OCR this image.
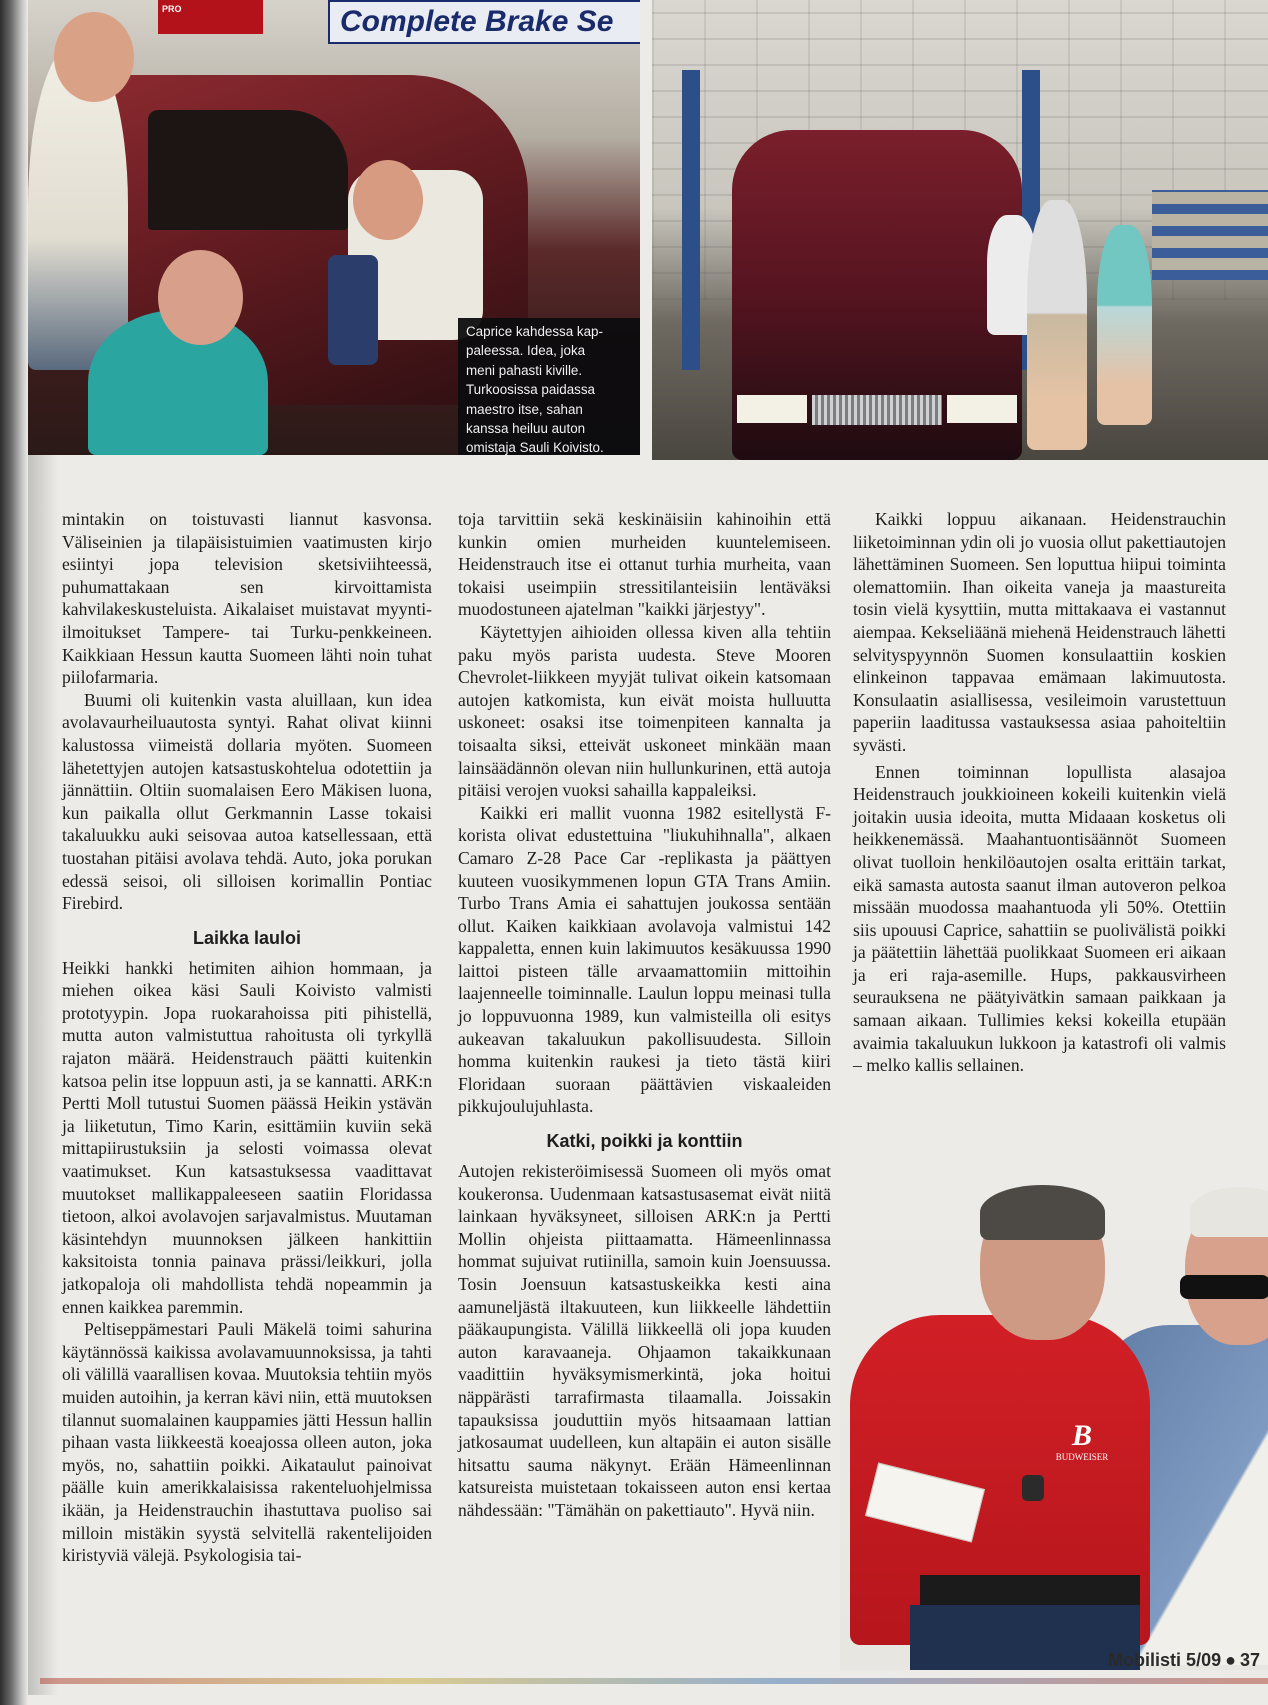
PRO	Complete Brake Se
Caprice kahdessa kap-
paleessa. Idea, joka
meni pahasti kiville.
Turkoosissa paidassa
maestro itse, sahan
kanssa heiluu auton
omistaja Sauli Koivisto.

mintakin on toistuvasti liannut kasvonsa. Väliseinien ja tilapäisistuimien vaatimusten kirjo esiintyi jopa television sketsiviihteessä, puhumattakaan sen kirvoittamista kahvilakeskusteluista. Aikalaiset muistavat myynti-ilmoitukset Tampere- tai Turku-penkkeineen. Kaikkiaan Hessun kautta Suomeen lähti noin tuhat piilofarmaria.

Buumi oli kuitenkin vasta aluillaan, kun idea avolavaurheiluautosta syntyi. Rahat olivat kiinni kalustossa viimeistä dollaria myöten. Suomeen lähetettyjen autojen katsastuskohtelua odotettiin ja jännättiin. Oltiin suomalaisen Eero Mäkisen luona, kun paikalla ollut Gerkmannin Lasse tokaisi takaluukku auki seisovaa autoa katsellessaan, että tuostahan pitäisi avolava tehdä. Auto, joka porukan edessä seisoi, oli silloisen korimallin Pontiac Firebird.

Laikka lauloi

Heikki hankki hetimiten aihion hommaan, ja miehen oikea käsi Sauli Koivisto valmisti prototyypin. Jopa ruokarahoissa piti pihistellä, mutta auton valmistuttua rahoitusta oli tyrkyllä rajaton määrä. Heidenstrauch päätti kuitenkin katsoa pelin itse loppuun asti, ja se kannatti. ARK:n Pertti Moll tutustui Suomen päässä Heikin ystävän ja liiketutun, Timo Karin, esittämiin kuviin sekä mittapiirustuksiin ja selosti voimassa olevat vaatimukset. Kun katsastuksessa vaadittavat muutokset mallikappaleeseen saatiin Floridassa tietoon, alkoi avolavojen sarjavalmistus. Muutaman käsintehdyn muunnoksen jälkeen hankittiin kaksitoista tonnia painava prässi/leikkuri, jolla jatkopaloja oli mahdollista tehdä nopeammin ja ennen kaikkea paremmin.

Peltiseppämestari Pauli Mäkelä toimi sahurina käytännössä kaikissa avolavamuunnoksissa, ja tahti oli välillä vaarallisen kovaa. Muutoksia tehtiin myös muiden autoihin, ja kerran kävi niin, että muutoksen tilannut suomalainen kauppamies jätti Hessun hallin pihaan vasta liikkeestä koeajossa olleen auton, joka myös, no, sahattiin poikki. Aikataulut painoivat päälle kuin amerikkalaisissa rakenteluohjelmissa ikään, ja Heidenstrauchin ihastuttava puoliso sai milloin mistäkin syystä selvitellä rakentelijoiden kiristyviä välejä. Psykologisia tai-

toja tarvittiin sekä keskinäisiin kahinoihin että kunkin omien murheiden kuuntelemiseen. Heidenstrauch itse ei ottanut turhia murheita, vaan tokaisi useimpiin stressitilanteisiin lentäväksi muodostuneen ajatelman "kaikki järjestyy".

Käytettyjen aihioiden ollessa kiven alla tehtiin paku myös parista uudesta. Steve Mooren Chevrolet-liikkeen myyjät tulivat oikein katsomaan autojen katkomista, kun eivät moista hulluutta uskoneet: osaksi itse toimenpiteen kannalta ja toisaalta siksi, etteivät uskoneet minkään maan lainsäädännön olevan niin hullunkurinen, että autoja pitäisi verojen vuoksi sahailla kappaleiksi.

Kaikki eri mallit vuonna 1982 esitellystä F-korista olivat edustettuina "liukuhihnalla", alkaen Camaro Z-28 Pace Car -replikasta ja päättyen kuuteen vuosikymmenen lopun GTA Trans Amiin. Turbo Trans Amia ei sahattujen joukossa sentään ollut. Kaiken kaikkiaan avolavoja valmistui 142 kappaletta, ennen kuin lakimuutos kesäkuussa 1990 laittoi pisteen tälle arvaamattomiin mittoihin laajenneelle toiminnalle. Laulun loppu meinasi tulla jo loppuvuonna 1989, kun valmisteilla oli esitys aukeavan takaluukun pakollisuudesta. Silloin homma kuitenkin raukesi ja tieto tästä kiiri Floridaan suoraan päättävien viskaaleiden pikkujoulujuhlasta.

Katki, poikki ja konttiin

Autojen rekisteröimisessä Suomeen oli myös omat koukeronsa. Uudenmaan katsastusasemat eivät niitä lainkaan hyväksyneet, silloisen ARK:n ja Pertti Mollin ohjeista piittaamatta. Hämeenlinnassa hommat sujuivat rutiinilla, samoin kuin Joensuussa. Tosin Joensuun katsastuskeikka kesti aina aamuneljästä iltakuuteen, kun liikkeelle lähdettiin pääkaupungista. Välillä liikkeellä oli jopa kuuden auton karavaaneja. Ohjaamon takaikkunaan vaadittiin hyväksymismerkintä, joka hoitui näppärästi tarrafirmasta tilaamalla. Joissakin tapauksissa jouduttiin myös hitsaamaan lattian jatkosaumat uudelleen, kun altapäin ei auton sisälle hitsattu sauma näkynyt. Erään Hämeenlinnan katsureista muistetaan tokaisseen auton ensi kertaa nähdessään: "Tämähän on pakettiauto". Hyvä niin.

Kaikki loppuu aikanaan. Heidenstrauchin liiketoiminnan ydin oli jo vuosia ollut pakettiautojen lähettäminen Suomeen. Sen loputtua hiipui toiminta olemattomiin. Ihan oikeita vaneja ja maastureita tosin vielä kysyttiin, mutta mittakaava ei vastannut aiempaa. Kekseliäänä miehenä Heidenstrauch lähetti selvityspyynnön Suomen konsulaattiin koskien elinkeinon tappavaa emämaan lakimuutosta. Konsulaatin asiallisessa, vesileimoin varustettuun paperiin laaditussa vastauksessa asiaa pahoiteltiin syvästi.

Ennen toiminnan lopullista alasajoa Heidenstrauch joukkioineen kokeili kuitenkin vielä joitakin uusia ideoita, mutta Midaaan kosketus oli heikkenemässä. Maahantuontisäännöt Suomeen olivat tuolloin henkilöautojen osalta erittäin tarkat, eikä samasta autosta saanut ilman autoveron pelkoa missään muodossa maahantuoda yli 50%. Otettiin siis upouusi Caprice, sahattiin se puolivälistä poikki ja päätettiin lähettää puolikkaat Suomeen eri aikaan ja eri raja-asemille. Hups, pakkausvirheen seurauksena ne päätyivätkin samaan paikkaan ja samaan aikaan. Tullimies keksi kokeilla etupään avaimia takaluukun lukkoon ja katastrofi oli valmis – melko kallis sellainen.

B
BUDWEISER
Mobilisti 5/09 ● 37
